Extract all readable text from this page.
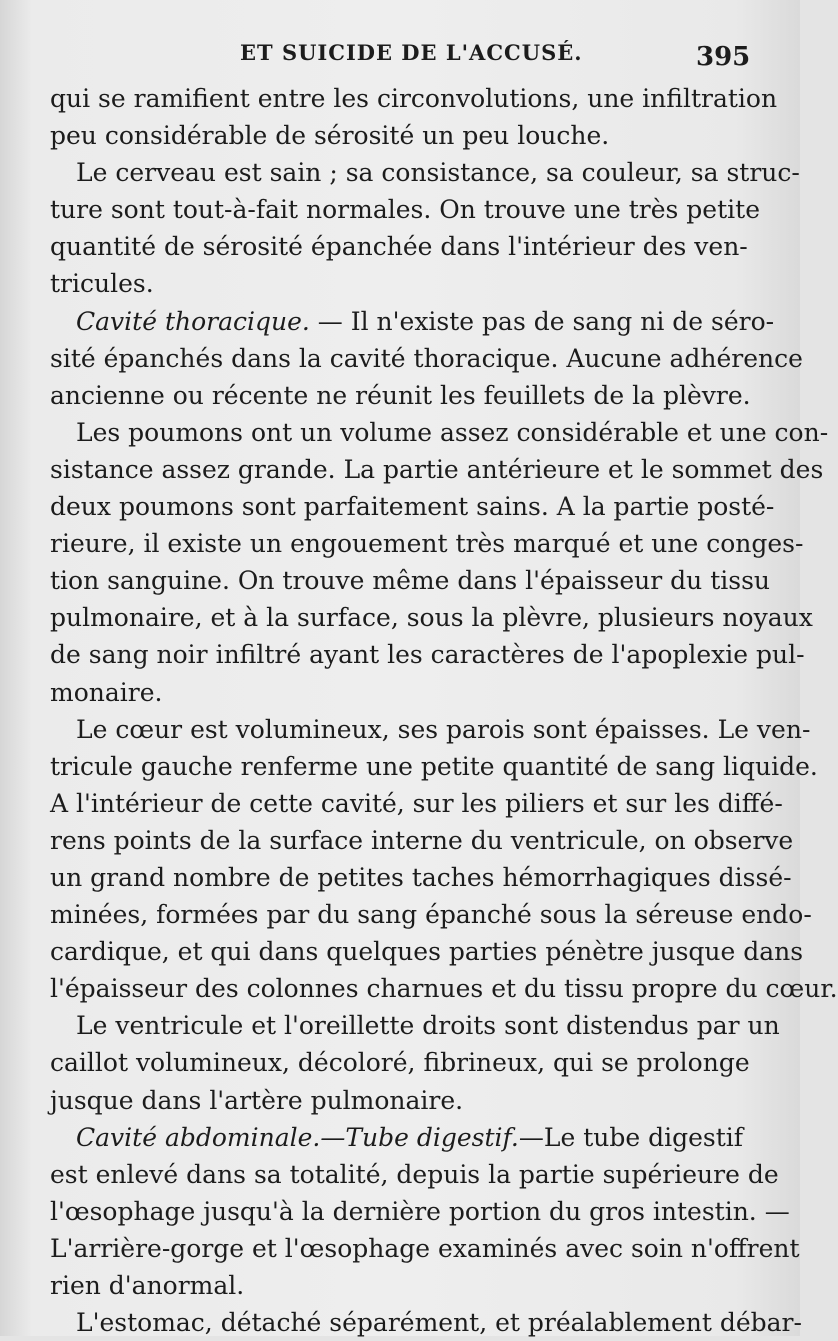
ET SUICIDE DE L'ACCUSÉ.	395
qui se ramifient entre les circonvolutions, une infiltration
peu considérable de sérosité un peu louche.
Le cerveau est sain ; sa consistance, sa couleur, sa struc-
ture sont tout-à-fait normales. On trouve une très petite
quantité de sérosité épanchée dans l'intérieur des ven-
tricules.
Cavité thoracique. — Il n'existe pas de sang ni de séro-
sité épanchés dans la cavité thoracique. Aucune adhérence
ancienne ou récente ne réunit les feuillets de la plèvre.
Les poumons ont un volume assez considérable et une con-
sistance assez grande. La partie antérieure et le sommet des
deux poumons sont parfaitement sains. A la partie posté-
rieure, il existe un engouement très marqué et une conges-
tion sanguine. On trouve même dans l'épaisseur du tissu
pulmonaire, et à la surface, sous la plèvre, plusieurs noyaux
de sang noir infiltré ayant les caractères de l'apoplexie pul-
monaire.
Le cœur est volumineux, ses parois sont épaisses. Le ven-
tricule gauche renferme une petite quantité de sang liquide.
A l'intérieur de cette cavité, sur les piliers et sur les diffé-
rens points de la surface interne du ventricule, on observe
un grand nombre de petites taches hémorrhagiques dissé-
minées, formées par du sang épanché sous la séreuse endo-
cardique, et qui dans quelques parties pénètre jusque dans
l'épaisseur des colonnes charnues et du tissu propre du cœur.
Le ventricule et l'oreillette droits sont distendus par un
caillot volumineux, décoloré, fibrineux, qui se prolonge
jusque dans l'artère pulmonaire.
Cavité abdominale.—Tube digestif.—Le tube digestif
est enlevé dans sa totalité, depuis la partie supérieure de
l'œsophage jusqu'à la dernière portion du gros intestin. —
L'arrière-gorge et l'œsophage examinés avec soin n'offrent
rien d'anormal.
L'estomac, détaché séparément, et préalablement débar-
